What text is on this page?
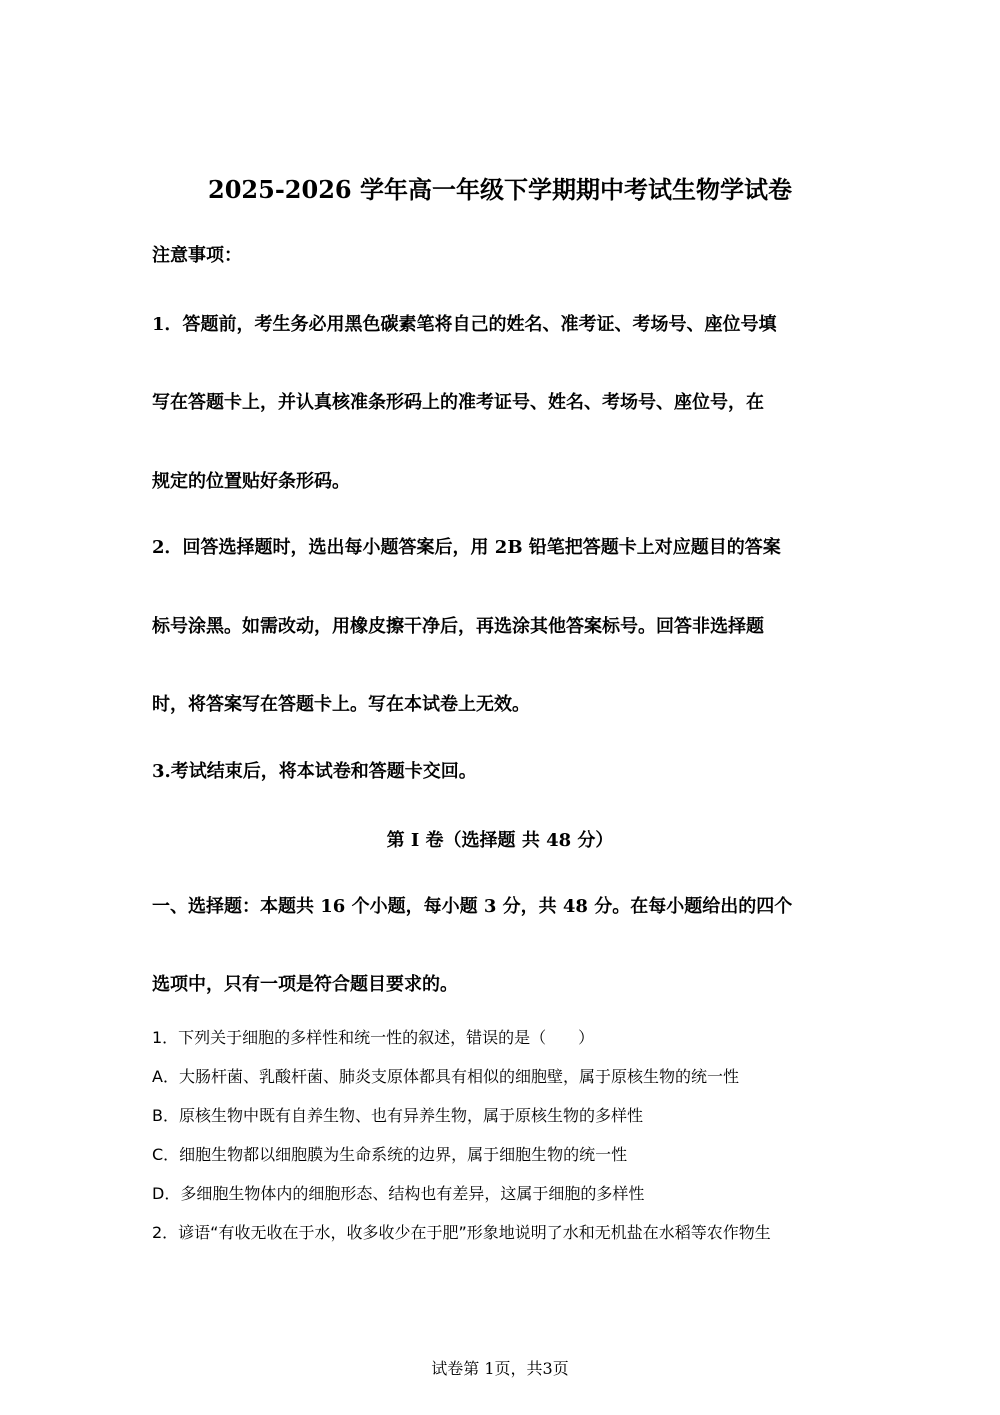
2025-2026 学年高一年级下学期期中考试生物学试卷
注意事项：
1．答题前，考生务必用黑色碳素笔将自己的姓名、准考证、考场号、座位号填
写在答题卡上，并认真核准条形码上的准考证号、姓名、考场号、座位号，在
规定的位置贴好条形码。
2．回答选择题时，选出每小题答案后，用 2B 铅笔把答题卡上对应题目的答案
标号涂黑。如需改动，用橡皮擦干净后，再选涂其他答案标号。回答非选择题
时，将答案写在答题卡上。写在本试卷上无效。
3.考试结束后，将本试卷和答题卡交回。
第 I 卷（选择题 共 48 分）
一、选择题：本题共 16 个小题，每小题 3 分，共 48 分。在每小题给出的四个
选项中，只有一项是符合题目要求的。
1．下列关于细胞的多样性和统一性的叙述，错误的是（　　）
A．大肠杆菌、乳酸杆菌、肺炎支原体都具有相似的细胞壁，属于原核生物的统一性
B．原核生物中既有自养生物、也有异养生物，属于原核生物的多样性
C．细胞生物都以细胞膜为生命系统的边界，属于细胞生物的统一性
D．多细胞生物体内的细胞形态、结构也有差异，这属于细胞的多样性
2．谚语“有收无收在于水，收多收少在于肥”形象地说明了水和无机盐在水稻等农作物生
试卷第 1页，共3页
